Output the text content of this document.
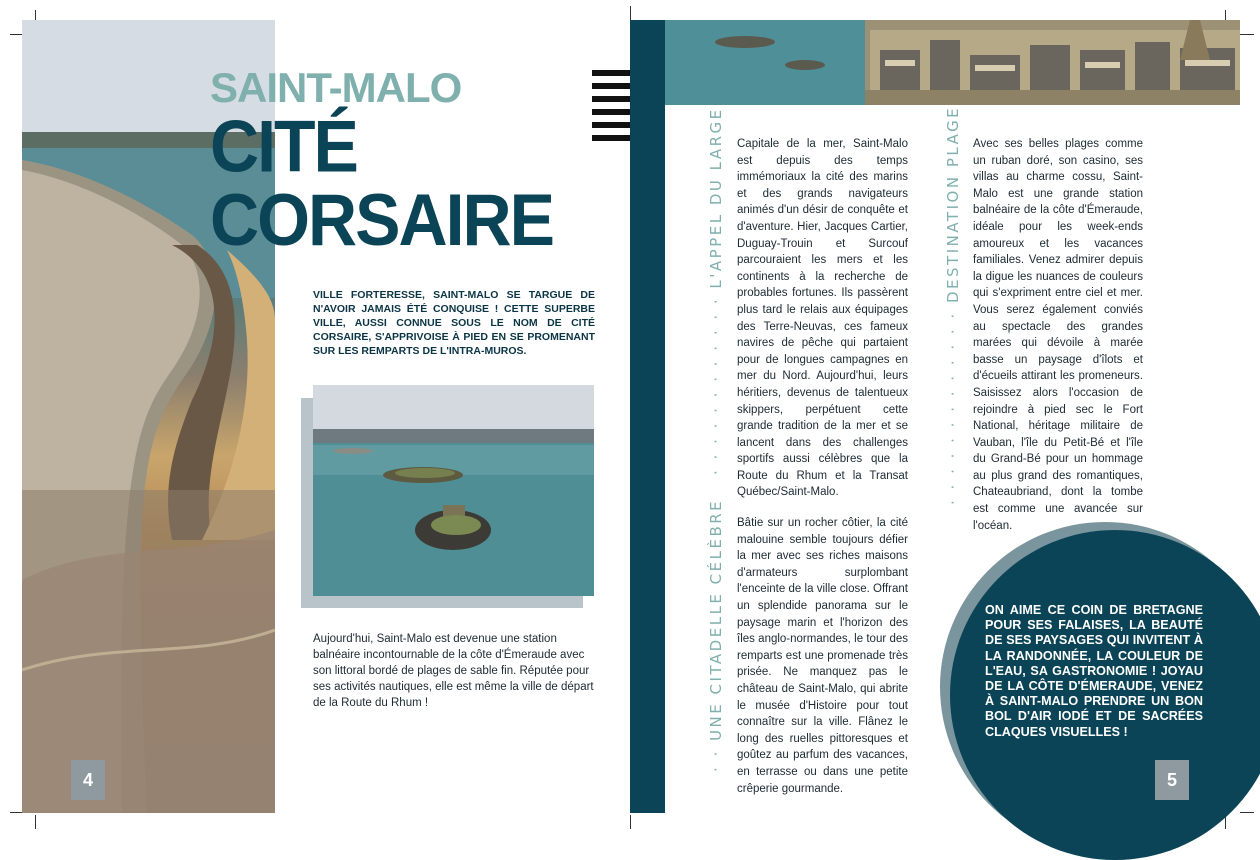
SAINT-MALO
CITÉ
CORSAIRE
VILLE FORTERESSE, SAINT-MALO SE TARGUE DE N'AVOIR JAMAIS ÉTÉ CONQUISE ! CETTE SUPERBE VILLE, AUSSI CONNUE SOUS LE NOM DE CITÉ CORSAIRE, S'APPRIVOISE À PIED EN SE PROMENANT SUR LES REMPARTS DE L'INTRA-MUROS.
Aujourd'hui, Saint-Malo est devenue une station balnéaire incontournable de la côte d'Émeraude avec son littoral bordé de plages de sable fin. Réputée pour ses activités nautiques, elle est même la ville de départ de la Route du Rhum !
4
· · · · · · · · · · · · L'APPEL DU LARGE
· · UNE CITADELLE CÉLÈBRE
· · · · · · · · · · · · · DESTINATION PLAGE

Capitale de la mer, Saint-Malo est depuis des temps immémoriaux la cité des marins et des grands navigateurs animés d'un désir de conquête et d'aventure. Hier, Jacques Cartier, Duguay-Trouin et Surcouf parcouraient les mers et les continents à la recherche de probables fortunes. Ils passèrent plus tard le relais aux équipages des Terre-Neuvas, ces fameux navires de pêche qui partaient pour de longues campagnes en mer du Nord. Aujourd'hui, leurs héritiers, devenus de talentueux skippers, perpétuent cette grande tradition de la mer et se lancent dans des challenges sportifs aussi célèbres que la Route du Rhum et la Transat Québec/Saint-Malo.

Bâtie sur un rocher côtier, la cité malouine semble toujours défier la mer avec ses riches maisons d'armateurs surplombant l'enceinte de la ville close. Offrant un splendide panorama sur le paysage marin et l'horizon des îles anglo-normandes, le tour des remparts est une promenade très prisée. Ne manquez pas le château de Saint-Malo, qui abrite le musée d'Histoire pour tout connaître sur la ville. Flânez le long des ruelles pittoresques et goûtez au parfum des vacances, en terrasse ou dans une petite crêperie gourmande.

Avec ses belles plages comme un ruban doré, son casino, ses villas au charme cossu, Saint-Malo est une grande station balnéaire de la côte d'Émeraude, idéale pour les week-ends amoureux et les vacances familiales. Venez admirer depuis la digue les nuances de couleurs qui s'expriment entre ciel et mer. Vous serez également conviés au spectacle des grandes marées qui dévoile à marée basse un paysage d'îlots et d'écueils attirant les promeneurs. Saisissez alors l'occasion de rejoindre à pied sec le Fort National, héritage militaire de Vauban, l'île du Petit-Bé et l'île du Grand-Bé pour un hommage au plus grand des romantiques, Chateaubriand, dont la tombe est comme une avancée sur l'océan.

ON AIME CE COIN DE BRETAGNE POUR SES FALAISES, LA BEAUTÉ DE SES PAYSAGES QUI INVITENT À LA RANDONNÉE, LA COULEUR DE L'EAU, SA GASTRONOMIE ! JOYAU DE LA CÔTE D'ÉMERAUDE, VENEZ À SAINT-MALO PRENDRE UN BON BOL D'AIR IODÉ ET DE SACRÉES CLAQUES VISUELLES !
5
